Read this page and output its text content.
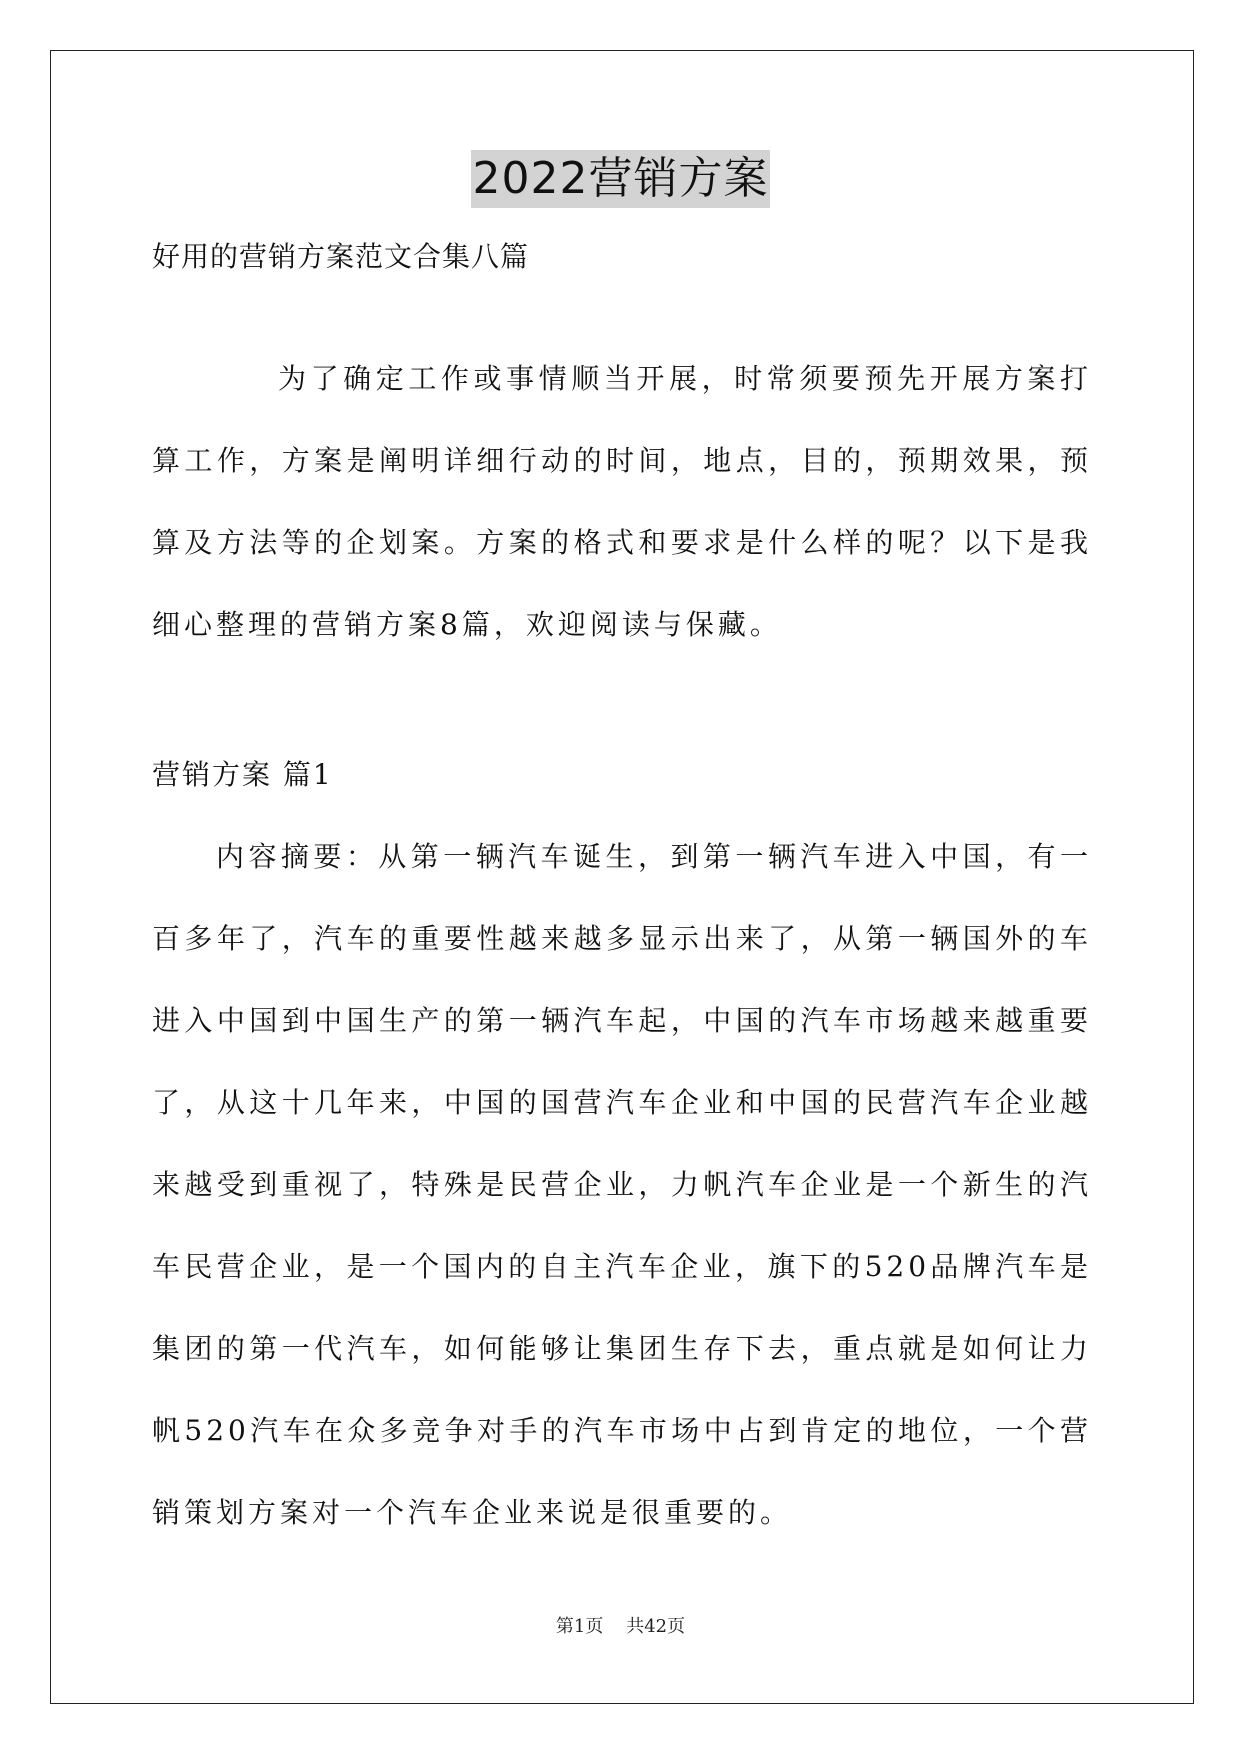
2022营销方案
好用的营销方案范文合集八篇

为了确定工作或事情顺当开展，时常须要预先开展方案打算工作，方案是阐明详细行动的时间，地点，目的，预期效果，预算及方法等的企划案。方案的格式和要求是什么样的呢？以下是我细心整理的营销方案8篇，欢迎阅读与保藏。

营销方案 篇1

内容摘要：从第一辆汽车诞生，到第一辆汽车进入中国，有一百多年了，汽车的重要性越来越多显示出来了，从第一辆国外的车进入中国到中国生产的第一辆汽车起，中国的汽车市场越来越重要了，从这十几年来，中国的国营汽车企业和中国的民营汽车企业越来越受到重视了，特殊是民营企业，力帆汽车企业是一个新生的汽车民营企业，是一个国内的自主汽车企业，旗下的520品牌汽车是集团的第一代汽车，如何能够让集团生存下去，重点就是如何让力帆520汽车在众多竞争对手的汽车市场中占到肯定的地位，一个营销策划方案对一个汽车企业来说是很重要的。

第1页 共42页
